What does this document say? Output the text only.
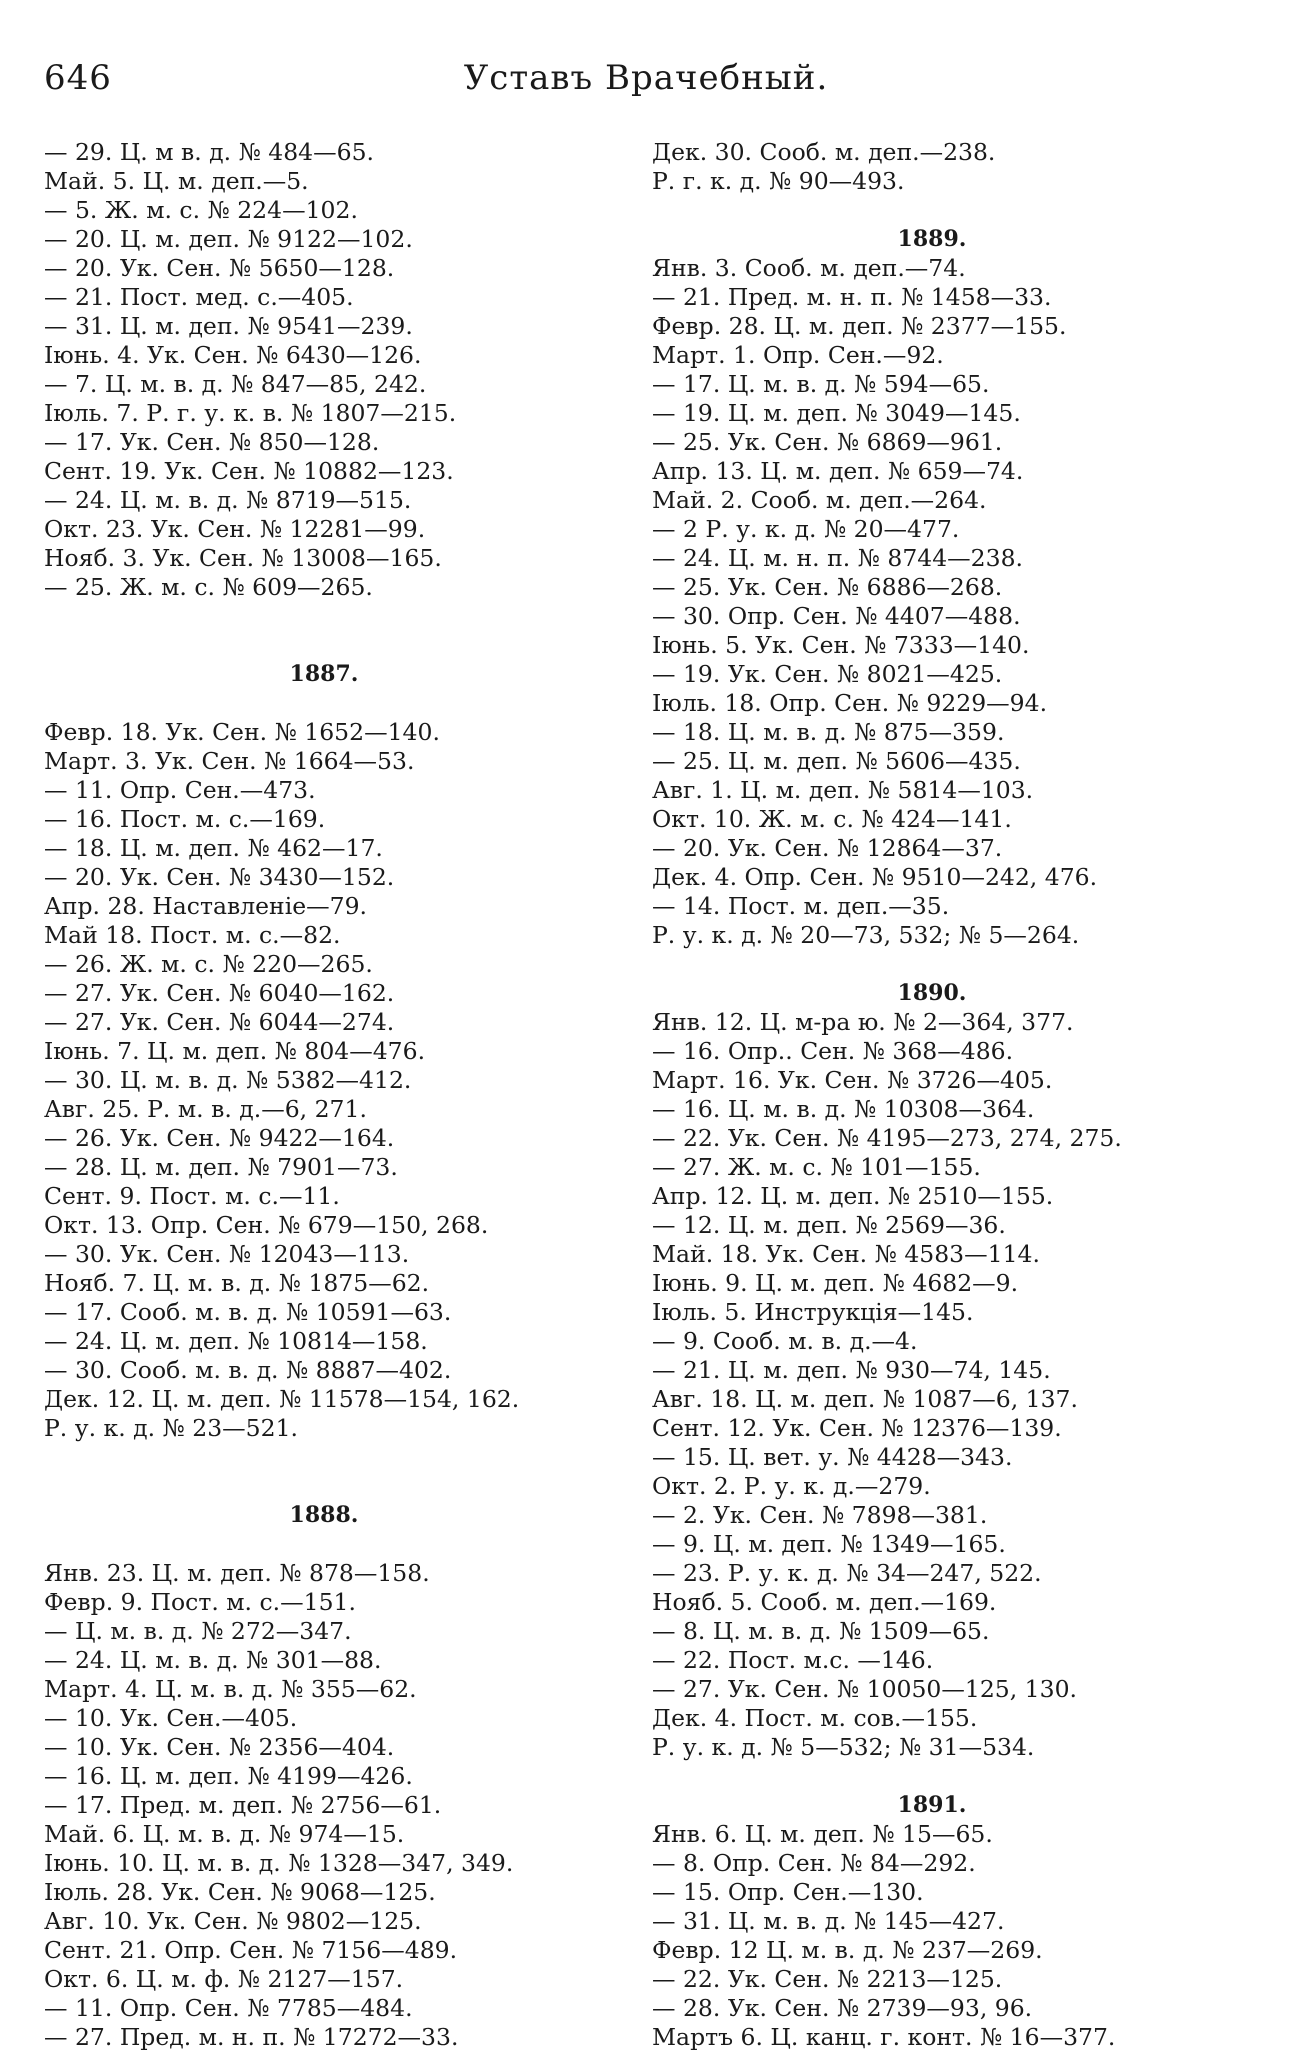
646	Уставъ Врачебный.
— 29. Ц. м в. д. № 484—65.
Май. 5. Ц. м. деп.—5.
— 5. Ж. м. с. № 224—102.
— 20. Ц. м. деп. № 9122—102.
— 20. Ук. Сен. № 5650—128.
— 21. Пост. мед. с.—405.
— 31. Ц. м. деп. № 9541—239.
Іюнь. 4. Ук. Сен. № 6430—126.
— 7. Ц. м. в. д. № 847—85, 242.
Іюль. 7. Р. г. у. к. в. № 1807—215.
— 17. Ук. Сен. № 850—128.
Сент. 19. Ук. Сен. № 10882—123.
— 24. Ц. м. в. д. № 8719—515.
Окт. 23. Ук. Сен. № 12281—99.
Нояб. 3. Ук. Сен. № 13008—165.
— 25. Ж. м. с. № 609—265.
1887.
Февр. 18. Ук. Сен. № 1652—140.
Март. 3. Ук. Сен. № 1664—53.
— 11. Опр. Сен.—473.
— 16. Пост. м. с.—169.
— 18. Ц. м. деп. № 462—17.
— 20. Ук. Сен. № 3430—152.
Апр. 28. Наставленіе—79.
Май 18. Пост. м. с.—82.
— 26. Ж. м. с. № 220—265.
— 27. Ук. Сен. № 6040—162.
— 27. Ук. Сен. № 6044—274.
Іюнь. 7. Ц. м. деп. № 804—476.
— 30. Ц. м. в. д. № 5382—412.
Авг. 25. Р. м. в. д.—6, 271.
— 26. Ук. Сен. № 9422—164.
— 28. Ц. м. деп. № 7901—73.
Сент. 9. Пост. м. с.—11.
Окт. 13. Опр. Сен. № 679—150, 268.
— 30. Ук. Сен. № 12043—113.
Нояб. 7. Ц. м. в. д. № 1875—62.
— 17. Сооб. м. в. д. № 10591—63.
— 24. Ц. м. деп. № 10814—158.
— 30. Сооб. м. в. д. № 8887—402.
Дек. 12. Ц. м. деп. № 11578—154, 162.
Р. у. к. д. № 23—521.
1888.
Янв. 23. Ц. м. деп. № 878—158.
Февр. 9. Пост. м. с.—151.
— Ц. м. в. д. № 272—347.
— 24. Ц. м. в. д. № 301—88.
Март. 4. Ц. м. в. д. № 355—62.
— 10. Ук. Сен.—405.
— 10. Ук. Сен. № 2356—404.
— 16. Ц. м. деп. № 4199—426.
— 17. Пред. м. деп. № 2756—61.
Май. 6. Ц. м. в. д. № 974—15.
Іюнь. 10. Ц. м. в. д. № 1328—347, 349.
Іюль. 28. Ук. Сен. № 9068—125.
Авг. 10. Ук. Сен. № 9802—125.
Сент. 21. Опр. Сен. № 7156—489.
Окт. 6. Ц. м. ф. № 2127—157.
— 11. Опр. Сен. № 7785—484.
— 27. Пред. м. н. п. № 17272—33.
Дек. 30. Сооб. м. деп.—238.
Р. г. к. д. № 90—493.
1889.
Янв. 3. Сооб. м. деп.—74.
— 21. Пред. м. н. п. № 1458—33.
Февр. 28. Ц. м. деп. № 2377—155.
Март. 1. Опр. Сен.—92.
— 17. Ц. м. в. д. № 594—65.
— 19. Ц. м. деп. № 3049—145.
— 25. Ук. Сен. № 6869—961.
Апр. 13. Ц. м. деп. № 659—74.
Май. 2. Сооб. м. деп.—264.
— 2 Р. у. к. д. № 20—477.
— 24. Ц. м. н. п. № 8744—238.
— 25. Ук. Сен. № 6886—268.
— 30. Опр. Сен. № 4407—488.
Іюнь. 5. Ук. Сен. № 7333—140.
— 19. Ук. Сен. № 8021—425.
Іюль. 18. Опр. Сен. № 9229—94.
— 18. Ц. м. в. д. № 875—359.
— 25. Ц. м. деп. № 5606—435.
Авг. 1. Ц. м. деп. № 5814—103.
Окт. 10. Ж. м. с. № 424—141.
— 20. Ук. Сен. № 12864—37.
Дек. 4. Опр. Сен. № 9510—242, 476.
— 14. Пост. м. деп.—35.
Р. у. к. д. № 20—73, 532; № 5—264.
1890.
Янв. 12. Ц. м-ра ю. № 2—364, 377.
— 16. Опр.. Сен. № 368—486.
Март. 16. Ук. Сен. № 3726—405.
— 16. Ц. м. в. д. № 10308—364.
— 22. Ук. Сен. № 4195—273, 274, 275.
— 27. Ж. м. с. № 101—155.
Апр. 12. Ц. м. деп. № 2510—155.
— 12. Ц. м. деп. № 2569—36.
Май. 18. Ук. Сен. № 4583—114.
Іюнь. 9. Ц. м. деп. № 4682—9.
Іюль. 5. Инструкція—145.
— 9. Сооб. м. в. д.—4.
— 21. Ц. м. деп. № 930—74, 145.
Авг. 18. Ц. м. деп. № 1087—6, 137.
Сент. 12. Ук. Сен. № 12376—139.
— 15. Ц. вет. у. № 4428—343.
Окт. 2. Р. у. к. д.—279.
— 2. Ук. Сен. № 7898—381.
— 9. Ц. м. деп. № 1349—165.
— 23. Р. у. к. д. № 34—247, 522.
Нояб. 5. Сооб. м. деп.—169.
— 8. Ц. м. в. д. № 1509—65.
— 22. Пост. м.с. —146.
— 27. Ук. Сен. № 10050—125, 130.
Дек. 4. Пост. м. сов.—155.
Р. у. к. д. № 5—532; № 31—534.
1891.
Янв. 6. Ц. м. деп. № 15—65.
— 8. Опр. Сен. № 84—292.
— 15. Опр. Сен.—130.
— 31. Ц. м. в. д. № 145—427.
Февр. 12 Ц. м. в. д. № 237—269.
— 22. Ук. Сен. № 2213—125.
— 28. Ук. Сен. № 2739—93, 96.
Мартъ 6. Ц. канц. г. конт. № 16—377.
